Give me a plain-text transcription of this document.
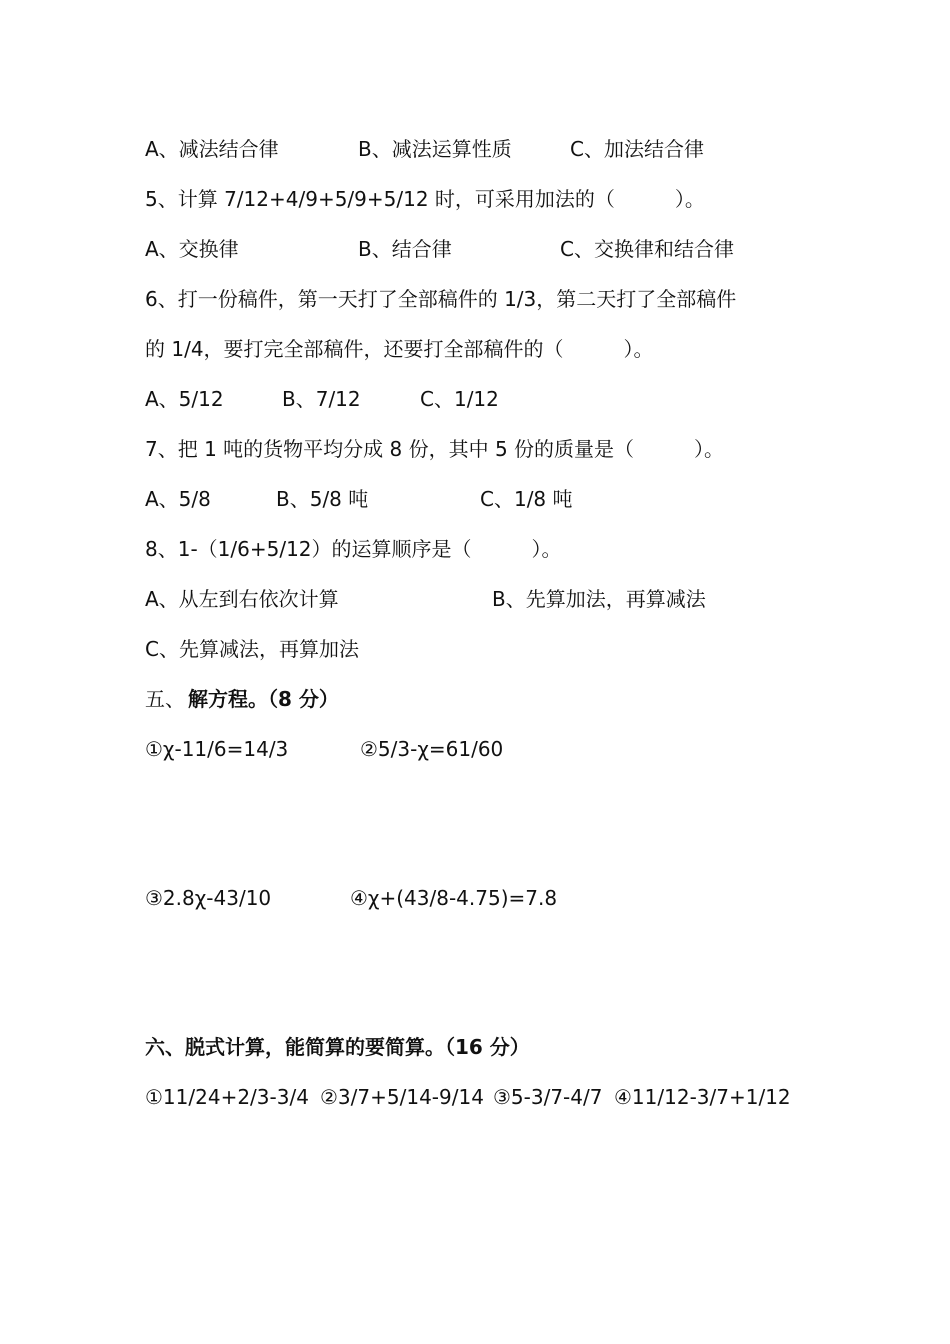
A、减法结合律	B、减法运算性质	C、加法结合律
5、计算 7/12+4/9+5/9+5/12 时，可采用加法的（　　　）。
A、交换律	B、结合律	C、交换律和结合律
6、打一份稿件，第一天打了全部稿件的 1/3，第二天打了全部稿件
的 1/4，要打完全部稿件，还要打全部稿件的（　　　）。
A、5/12	B、7/12	C、1/12
7、把 1 吨的货物平均分成 8 份，其中 5 份的质量是（　　　）。
A、5/8	B、5/8 吨	C、1/8 吨
8、1-（1/6+5/12）的运算顺序是（　　　）。
A、从左到右依次计算	B、先算加法，再算减法
C、先算减法，再算加法
五、 解方程。（8 分）
①χ-11/6=14/3	②5/3-χ=61/60
③2.8χ-43/10	④χ+(43/8-4.75)=7.8
六、脱式计算，能简算的要简算。（16 分）
①11/24+2/3-3/4 ②3/7+5/14-9/14 ③5-3/7-4/7 ④11/12-3/7+1/12
